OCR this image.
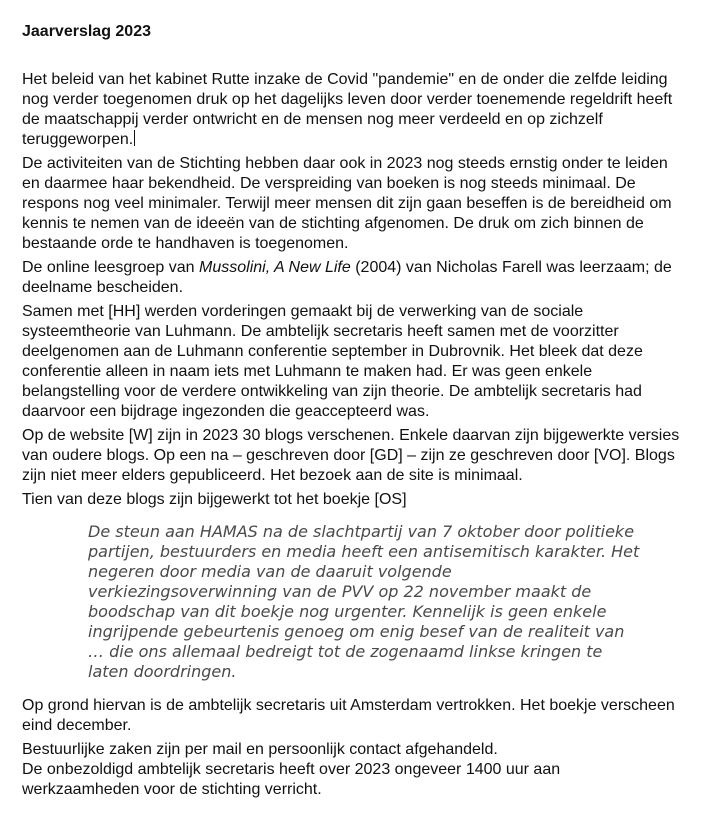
Jaarverslag 2023

Het beleid van het kabinet Rutte inzake de Covid "pandemie" en de onder die zelfde leiding nog verder toegenomen druk op het dagelijks leven door verder toenemende regeldrift heeft de maatschappij verder ontwricht en de mensen nog meer verdeeld en op zichzelf teruggeworpen.

De activiteiten van de Stichting hebben daar ook in 2023 nog steeds ernstig onder te leiden en daarmee haar bekendheid. De verspreiding van boeken is nog steeds minimaal. De respons nog veel minimaler. Terwijl meer mensen dit zijn gaan beseffen is de bereidheid om kennis te nemen van de ideeën van de stichting afgenomen. De druk om zich binnen de bestaande orde te handhaven is toegenomen.

De online leesgroep van Mussolini, A New Life (2004) van Nicholas Farell was leerzaam; de deelname bescheiden.

Samen met [HH] werden vorderingen gemaakt bij de verwerking van de sociale systeemtheorie van Luhmann. De ambtelijk secretaris heeft samen met de voorzitter deelgenomen aan de Luhmann conferentie september in Dubrovnik. Het bleek dat deze conferentie alleen in naam iets met Luhmann te maken had. Er was geen enkele belangstelling voor de verdere ontwikkeling van zijn theorie. De ambtelijk secretaris had daarvoor een bijdrage ingezonden die geaccepteerd was.

Op de website [W] zijn in 2023 30 blogs verschenen. Enkele daarvan zijn bijgewerkte versies van oudere blogs. Op een na – geschreven door [GD] – zijn ze geschreven door [VO]. Blogs zijn niet meer elders gepubliceerd. Het bezoek aan de site is minimaal.

Tien van deze blogs zijn bijgewerkt tot het boekje [OS]

De steun aan HAMAS na de slachtpartij van 7 oktober door politieke partijen, bestuurders en media heeft een antisemitisch karakter. Het negeren door media van de daaruit volgende verkiezingsoverwinning van de PVV op 22 november maakt de boodschap van dit boekje nog urgenter. Kennelijk is geen enkele ingrijpende gebeurtenis genoeg om enig besef van de realiteit van … die ons allemaal bedreigt tot de zogenaamd linkse kringen te laten doordringen.

Op grond hiervan is de ambtelijk secretaris uit Amsterdam vertrokken. Het boekje verscheen eind december.

Bestuurlijke zaken zijn per mail en persoonlijk contact afgehandeld.

De onbezoldigd ambtelijk secretaris heeft over 2023 ongeveer 1400 uur aan werkzaamheden voor de stichting verricht.
